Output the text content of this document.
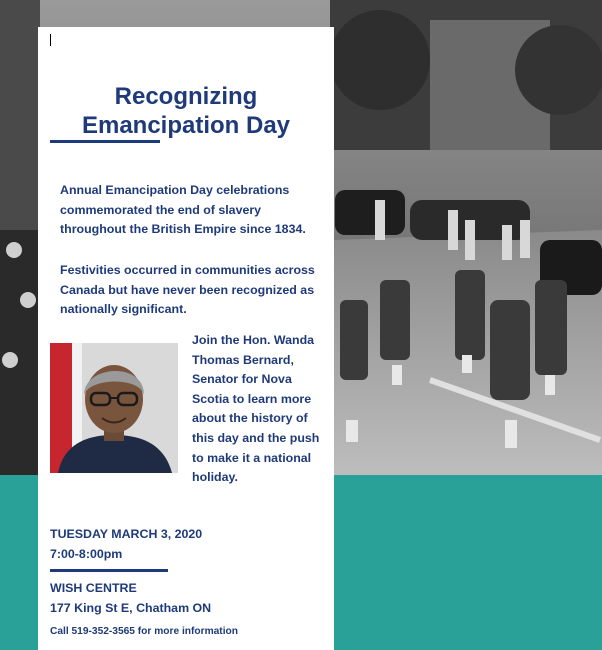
Recognizing
Emancipation Day
Annual Emancipation Day celebrations commemorated the end of slavery throughout the British Empire since 1834.
Festivities occurred in communities across Canada but have never been recognized as nationally significant.
Join the Hon. Wanda Thomas Bernard, Senator for Nova Scotia to learn more about the history of this day and the push to make it a national holiday.
TUESDAY MARCH 3, 2020
7:00-8:00pm
WISH CENTRE
177 King St E, Chatham ON
Call 519-352-3565 for more information
